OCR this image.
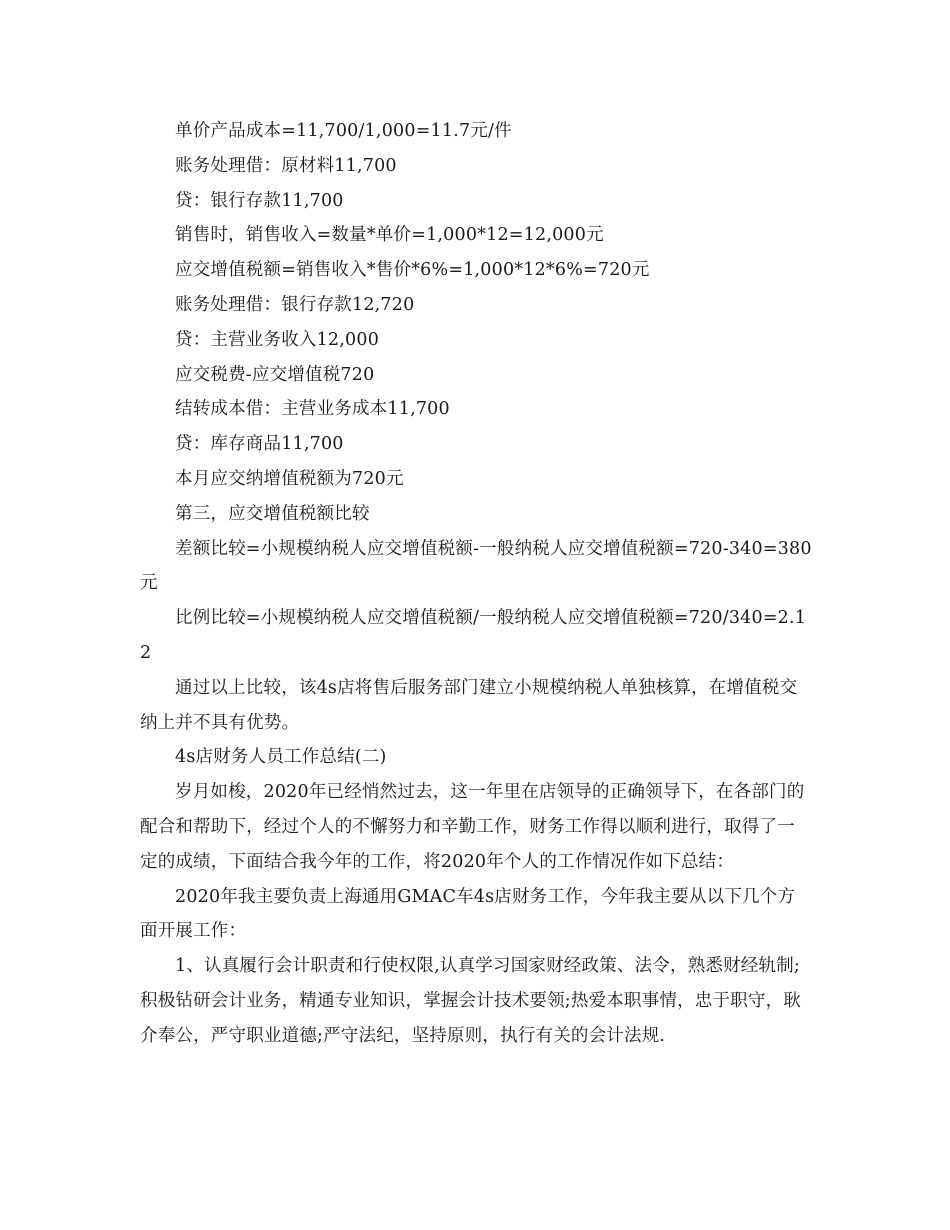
单价产品成本=11,700/1,000=11.7元/件

账务处理借：原材料11,700

贷：银行存款11,700

销售时，销售收入=数量*单价=1,000*12=12,000元

应交增值税额=销售收入*售价*6%=1,000*12*6%=720元

账务处理借：银行存款12,720

贷：主营业务收入12,000

应交税费-应交增值税720

结转成本借：主营业务成本11,700

贷：库存商品11,700

本月应交纳增值税额为720元

第三，应交增值税额比较

差额比较=小规模纳税人应交增值税额-一般纳税人应交增值税额=720-340=380元

比例比较=小规模纳税人应交增值税额/一般纳税人应交增值税额=720/340=2.12

通过以上比较，该4s店将售后服务部门建立小规模纳税人单独核算，在增值税交纳上并不具有优势。

4s店财务人员工作总结(二)

岁月如梭，2020年已经悄然过去，这一年里在店领导的正确领导下，在各部门的配合和帮助下，经过个人的不懈努力和辛勤工作，财务工作得以顺利进行，取得了一定的成绩，下面结合我今年的工作，将2020年个人的工作情况作如下总结：

2020年我主要负责上海通用GMAC车4s店财务工作，今年我主要从以下几个方面开展工作：

1、认真履行会计职责和行使权限,认真学习国家财经政策、法令，熟悉财经轨制;积极钻研会计业务，精通专业知识，掌握会计技术要领;热爱本职事情，忠于职守，耿介奉公，严守职业道德;严守法纪，坚持原则，执行有关的会计法规.
